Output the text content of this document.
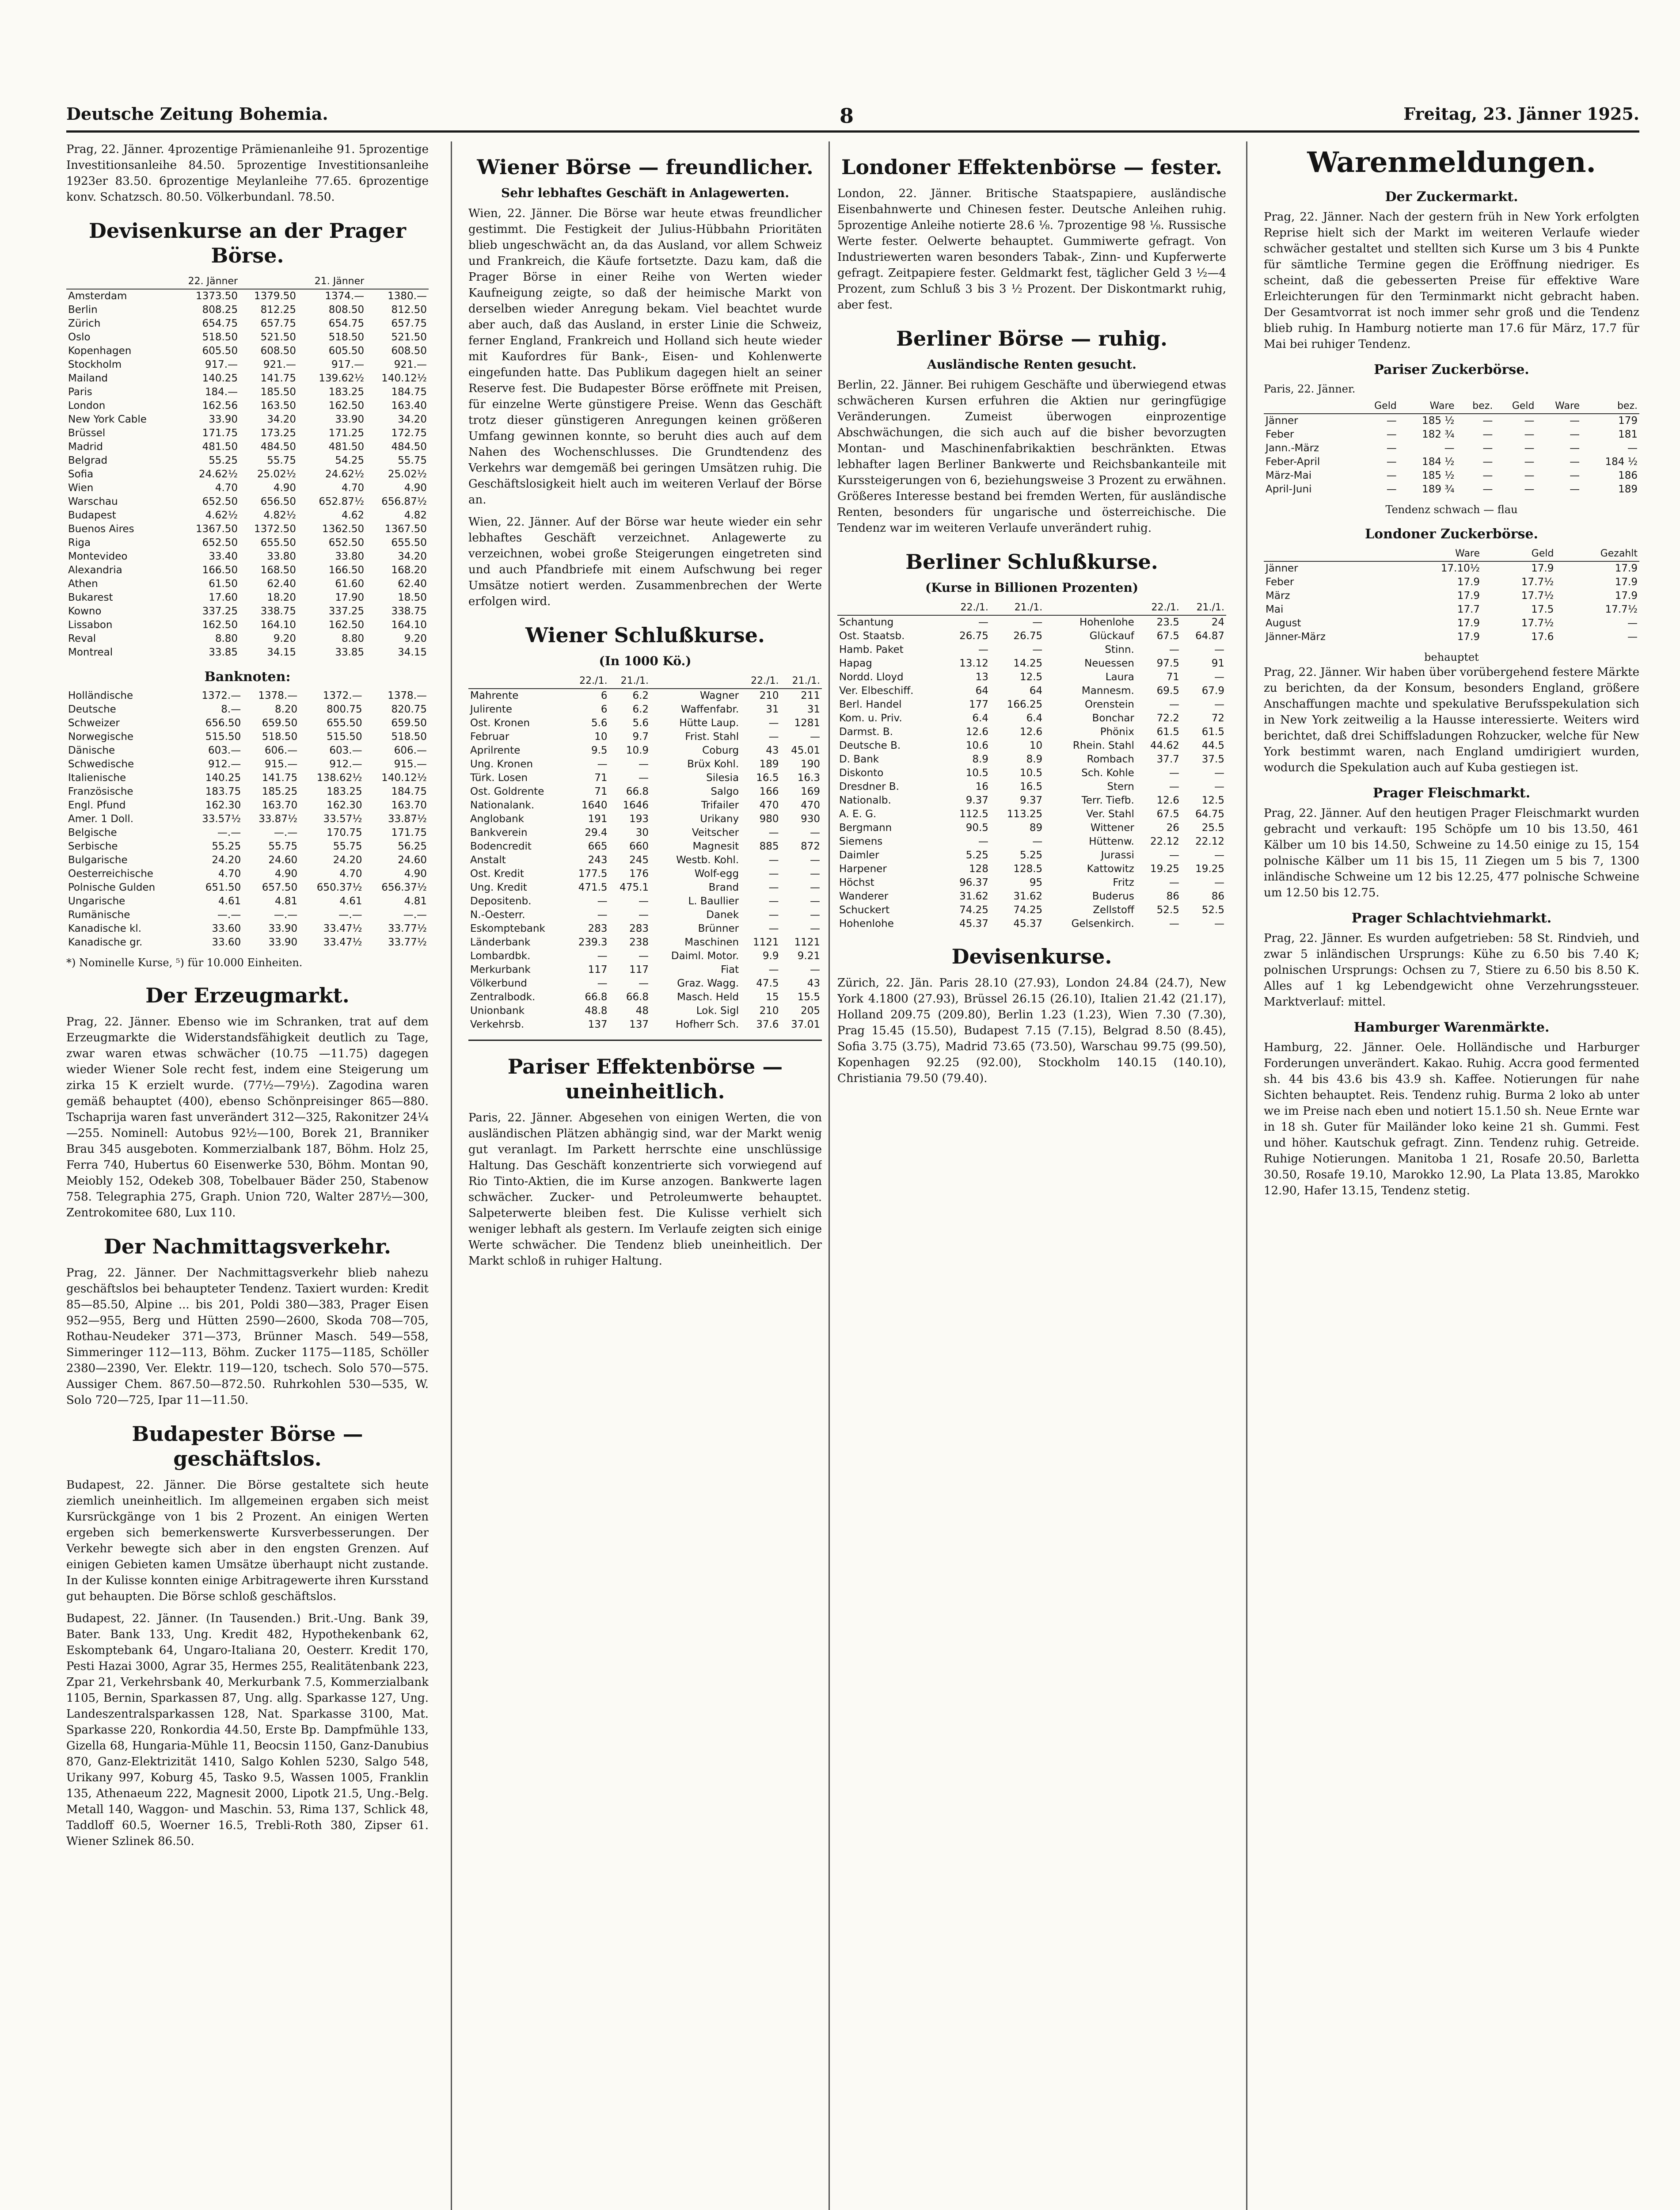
Deutsche Zeitung Bohemia.	8	Freitag, 23. Jänner 1925.

Prag, 22. Jänner. 4prozentige Prämienanleihe 91. 5prozentige Investitionsanleihe 84.50. 5prozentige Investitionsanleihe 1923er 83.50. 6prozentige Meylanleihe 77.65. 6prozentige konv. Schatzsch. 80.50. Völkerbundanl. 78.50.

Devisenkurse an der Prager Börse.
	22. Jänner		21. Jänner	
Amsterdam	1373.50	1379.50	1374.—	1380.—
Berlin	808.25	812.25	808.50	812.50
Zürich	654.75	657.75	654.75	657.75
Oslo	518.50	521.50	518.50	521.50
Kopenhagen	605.50	608.50	605.50	608.50
Stockholm	917.—	921.—	917.—	921.—
Mailand	140.25	141.75	139.62½	140.12½
Paris	184.—	185.50	183.25	184.75
London	162.56	163.50	162.50	163.40
New York Cable	33.90	34.20	33.90	34.20
Brüssel	171.75	173.25	171.25	172.75
Madrid	481.50	484.50	481.50	484.50
Belgrad	55.25	55.75	54.25	55.75
Sofia	24.62½	25.02½	24.62½	25.02½
Wien	4.70	4.90	4.70	4.90
Warschau	652.50	656.50	652.87½	656.87½
Budapest	4.62½	4.82½	4.62	4.82
Buenos Aires	1367.50	1372.50	1362.50	1367.50
Riga	652.50	655.50	652.50	655.50
Montevideo	33.40	33.80	33.80	34.20
Alexandria	166.50	168.50	166.50	168.20
Athen	61.50	62.40	61.60	62.40
Bukarest	17.60	18.20	17.90	18.50
Kowno	337.25	338.75	337.25	338.75
Lissabon	162.50	164.10	162.50	164.10
Reval	8.80	9.20	8.80	9.20
Montreal	33.85	34.15	33.85	34.15
Banknoten:
Holländische	1372.—	1378.—	1372.—	1378.—
Deutsche	8.—	8.20	800.75	820.75
Schweizer	656.50	659.50	655.50	659.50
Norwegische	515.50	518.50	515.50	518.50
Dänische	603.—	606.—	603.—	606.—
Schwedische	912.—	915.—	912.—	915.—
Italienische	140.25	141.75	138.62½	140.12½
Französische	183.75	185.25	183.25	184.75
Engl. Pfund	162.30	163.70	162.30	163.70
Amer. 1 Doll.	33.57½	33.87½	33.57½	33.87½
Belgische	—.—	—.—	170.75	171.75
Serbische	55.25	55.75	55.75	56.25
Bulgarische	24.20	24.60	24.20	24.60
Oesterreichische	4.70	4.90	4.70	4.90
Polnische Gulden	651.50	657.50	650.37½	656.37½
Ungarische	4.61	4.81	4.61	4.81
Rumänische	—.—	—.—	—.—	—.—
Kanadische kl.	33.60	33.90	33.47½	33.77½
Kanadische gr.	33.60	33.90	33.47½	33.77½
*) Nominelle Kurse, ⁵) für 10.000 Einheiten.
Der Erzeugmarkt.

Prag, 22. Jänner. Ebenso wie im Schranken, trat auf dem Erzeugmarkte die Widerstandsfähigkeit deutlich zu Tage, zwar waren etwas schwächer (10.75 —11.75) dagegen wieder Wiener Sole recht fest, indem eine Steigerung um zirka 15 K erzielt wurde. (77½—79½). Zagodina waren gemäß behauptet (400), ebenso Schönpreisinger 865—880. Tschaprija waren fast unverändert 312—325, Rakonitzer 24¼—255. Nominell: Autobus 92½—100, Borek 21, Branniker Brau 345 ausgeboten. Kommerzialbank 187, Böhm. Holz 25, Ferra 740, Hubertus 60 Eisenwerke 530, Böhm. Montan 90, Meiobly 152, Odekeb 308, Tobelbauer Bäder 250, Stabenow 758. Telegraphia 275, Graph. Union 720, Walter 287½—300, Zentrokomitee 680, Lux 110.

Der Nachmittagsverkehr.

Prag, 22. Jänner. Der Nachmittagsverkehr blieb nahezu geschäftslos bei behaupteter Tendenz. Taxiert wurden: Kredit 85—85.50, Alpine ... bis 201, Poldi 380—383, Prager Eisen 952—955, Berg und Hütten 2590—2600, Skoda 708—705, Rothau-Neudeker 371—373, Brünner Masch. 549—558, Simmeringer 112—113, Böhm. Zucker 1175—1185, Schöller 2380—2390, Ver. Elektr. 119—120, tschech. Solo 570—575. Aussiger Chem. 867.50—872.50. Ruhrkohlen 530—535, W. Solo 720—725, Ipar 11—11.50.

Budapester Börse — geschäftslos.

Budapest, 22. Jänner. Die Börse gestaltete sich heute ziemlich uneinheitlich. Im allgemeinen ergaben sich meist Kursrückgänge von 1 bis 2 Prozent. An einigen Werten ergeben sich bemerkenswerte Kursverbesserungen. Der Verkehr bewegte sich aber in den engsten Grenzen. Auf einigen Gebieten kamen Umsätze überhaupt nicht zustande. In der Kulisse konnten einige Arbitragewerte ihren Kursstand gut behaupten. Die Börse schloß geschäftslos.

Budapest, 22. Jänner. (In Tausenden.) Brit.-Ung. Bank 39, Bater. Bank 133, Ung. Kredit 482, Hypothekenbank 62, Eskomptebank 64, Ungaro-Italiana 20, Oesterr. Kredit 170, Pesti Hazai 3000, Agrar 35, Hermes 255, Realitätenbank 223, Zpar 21, Verkehrsbank 40, Merkurbank 7.5, Kommerzialbank 1105, Bernin, Sparkassen 87, Ung. allg. Sparkasse 127, Ung. Landeszentralsparkassen 128, Nat. Sparkasse 3100, Mat. Sparkasse 220, Ronkordia 44.50, Erste Bp. Dampfmühle 133, Gizella 68, Hungaria-Mühle 11, Beocsin 1150, Ganz-Danubius 870, Ganz-Elektrizität 1410, Salgo Kohlen 5230, Salgo 548, Urikany 997, Koburg 45, Tasko 9.5, Wassen 1005, Franklin 135, Athenaeum 222, Magnesit 2000, Lipotk 21.5, Ung.-Belg. Metall 140, Waggon- und Maschin. 53, Rima 137, Schlick 48, Taddloff 60.5, Woerner 16.5, Trebli-Roth 380, Zipser 61. Wiener Szlinek 86.50.

Wiener Börse — freundlicher.
Sehr lebhaftes Geschäft in Anlagewerten.

Wien, 22. Jänner. Die Börse war heute etwas freundlicher gestimmt. Die Festigkeit der Julius-Hübbahn Prioritäten blieb ungeschwächt an, da das Ausland, vor allem Schweiz und Frankreich, die Käufe fortsetzte. Dazu kam, daß die Prager Börse in einer Reihe von Werten wieder Kaufneigung zeigte, so daß der heimische Markt von derselben wieder Anregung bekam. Viel beachtet wurde aber auch, daß das Ausland, in erster Linie die Schweiz, ferner England, Frankreich und Holland sich heute wieder mit Kaufordres für Bank-, Eisen- und Kohlenwerte eingefunden hatte. Das Publikum dagegen hielt an seiner Reserve fest. Die Budapester Börse eröffnete mit Preisen, für einzelne Werte günstigere Preise. Wenn das Geschäft trotz dieser günstigeren Anregungen keinen größeren Umfang gewinnen konnte, so beruht dies auch auf dem Nahen des Wochenschlusses. Die Grundtendenz des Verkehrs war demgemäß bei geringen Umsätzen ruhig. Die Geschäftslosigkeit hielt auch im weiteren Verlauf der Börse an.

Wien, 22. Jänner. Auf der Börse war heute wieder ein sehr lebhaftes Geschäft verzeichnet. Anlagewerte zu verzeichnen, wobei große Steigerungen eingetreten sind und auch Pfandbriefe mit einem Aufschwung bei reger Umsätze notiert werden. Zusammenbrechen der Werte erfolgen wird.

Wiener Schlußkurse.
(In 1000 Kö.)
	22./1.	21./1.		22./1.	21./1.
Mahrente	6	6.2	Wagner	210	211
Julirente	6	6.2	Waffenfabr.	31	31
Ost. Kronen	5.6	5.6	Hütte Laup.	—	1281
Februar	10	9.7	Frist. Stahl	—	—
Aprilrente	9.5	10.9	Coburg	43	45.01
Ung. Kronen	—	—	Brüx Kohl.	189	190
Türk. Losen	71	—	Silesia	16.5	16.3
Ost. Goldrente	71	66.8	Salgo	166	169
Nationalank.	1640	1646	Trifailer	470	470
Anglobank	191	193	Urikany	980	930
Bankverein	29.4	30	Veitscher	—	—
Bodencredit	665	660	Magnesit	885	872
Anstalt	243	245	Westb. Kohl.	—	—
Ost. Kredit	177.5	176	Wolf-egg	—	—
Ung. Kredit	471.5	475.1	Brand	—	—
Depositenb.	—	—	L. Baullier	—	—
N.-Oesterr.	—	—	Danek	—	—
Eskomptebank	283	283	Brünner	—	—
Länderbank	239.3	238	Maschinen	1121	1121
Lombardbk.	—	—	Daiml. Motor.	9.9	9.21
Merkurbank	117	117	Fiat	—	—
Völkerbund	—	—	Graz. Wagg.	47.5	43
Zentralbodk.	66.8	66.8	Masch. Held	15	15.5
Unionbank	48.8	48	Lok. Sigl	210	205
Verkehrsb.	137	137	Hofherr Sch.	37.6	37.01
Pariser Effektenbörse — uneinheitlich.

Paris, 22. Jänner. Abgesehen von einigen Werten, die von ausländischen Plätzen abhängig sind, war der Markt wenig gut veranlagt. Im Parkett herrschte eine unschlüssige Haltung. Das Geschäft konzentrierte sich vorwiegend auf Rio Tinto-Aktien, die im Kurse anzogen. Bankwerte lagen schwächer. Zucker- und Petroleumwerte behauptet. Salpeterwerte bleiben fest. Die Kulisse verhielt sich weniger lebhaft als gestern. Im Verlaufe zeigten sich einige Werte schwächer. Die Tendenz blieb uneinheitlich. Der Markt schloß in ruhiger Haltung.

Londoner Effektenbörse — fester.

London, 22. Jänner. Britische Staatspapiere, ausländische Eisenbahnwerte und Chinesen fester. Deutsche Anleihen ruhig. 5prozentige Anleihe notierte 28.6 ⅛. 7prozentige 98 ⅛. Russische Werte fester. Oelwerte behauptet. Gummiwerte gefragt. Von Industriewerten waren besonders Tabak-, Zinn- und Kupferwerte gefragt. Zeitpapiere fester. Geldmarkt fest, täglicher Geld 3 ½—4 Prozent, zum Schluß 3 bis 3 ½ Prozent. Der Diskontmarkt ruhig, aber fest.

Berliner Börse — ruhig.
Ausländische Renten gesucht.

Berlin, 22. Jänner. Bei ruhigem Geschäfte und überwiegend etwas schwächeren Kursen erfuhren die Aktien nur geringfügige Veränderungen. Zumeist überwogen einprozentige Abschwächungen, die sich auch auf die bisher bevorzugten Montan- und Maschinenfabrikaktien beschränkten. Etwas lebhafter lagen Berliner Bankwerte und Reichsbankanteile mit Kurssteigerungen von 6, beziehungsweise 3 Prozent zu erwähnen. Größeres Interesse bestand bei fremden Werten, für ausländische Renten, besonders für ungarische und österreichische. Die Tendenz war im weiteren Verlaufe unverändert ruhig.

Berliner Schlußkurse.
(Kurse in Billionen Prozenten)
	22./1.	21./1.		22./1.	21./1.
Schantung	—	—	Hohenlohe	23.5	24
Ost. Staatsb.	26.75	26.75	Glückauf	67.5	64.87
Hamb. Paket	—	—	Stinn.	—	—
Hapag	13.12	14.25	Neuessen	97.5	91
Nordd. Lloyd	13	12.5	Laura	71	—
Ver. Elbeschiff.	64	64	Mannesm.	69.5	67.9
Berl. Handel	177	166.25	Orenstein	—	—
Kom. u. Priv.	6.4	6.4	Bonchar	72.2	72
Darmst. B.	12.6	12.6	Phönix	61.5	61.5
Deutsche B.	10.6	10	Rhein. Stahl	44.62	44.5
D. Bank	8.9	8.9	Rombach	37.7	37.5
Diskonto	10.5	10.5	Sch. Kohle	—	—
Dresdner B.	16	16.5	Stern	—	—
Nationalb.	9.37	9.37	Terr. Tiefb.	12.6	12.5
A. E. G.	112.5	113.25	Ver. Stahl	67.5	64.75
Bergmann	90.5	89	Wittener	26	25.5
Siemens	—	—	Hüttenw.	22.12	22.12
Daimler	5.25	5.25	Jurassi	—	—
Harpener	128	128.5	Kattowitz	19.25	19.25
Höchst	96.37	95	Fritz	—	—
Wanderer	31.62	31.62	Buderus	86	86
Schuckert	74.25	74.25	Zellstoff	52.5	52.5
Hohenlohe	45.37	45.37	Gelsenkirch.	—	—
Devisenkurse.

Zürich, 22. Jän. Paris 28.10 (27.93), London 24.84 (24.7), New York 4.1800 (27.93), Brüssel 26.15 (26.10), Italien 21.42 (21.17), Holland 209.75 (209.80), Berlin 1.23 (1.23), Wien 7.30 (7.30), Prag 15.45 (15.50), Budapest 7.15 (7.15), Belgrad 8.50 (8.45), Sofia 3.75 (3.75), Madrid 73.65 (73.50), Warschau 99.75 (99.50), Kopenhagen 92.25 (92.00), Stockholm 140.15 (140.10), Christiania 79.50 (79.40).

Warenmeldungen.
Der Zuckermarkt.

Prag, 22. Jänner. Nach der gestern früh in New York erfolgten Reprise hielt sich der Markt im weiteren Verlaufe wieder schwächer gestaltet und stellten sich Kurse um 3 bis 4 Punkte für sämtliche Termine gegen die Eröffnung niedriger. Es scheint, daß die gebesserten Preise für effektive Ware Erleichterungen für den Terminmarkt nicht gebracht haben. Der Gesamtvorrat ist noch immer sehr groß und die Tendenz blieb ruhig. In Hamburg notierte man 17.6 für März, 17.7 für Mai bei ruhiger Tendenz.

Pariser Zuckerbörse.
Paris, 22. Jänner.
	Geld	Ware	bez.	Geld	Ware	bez.
Jänner	—	185 ½	—	—	—	179
Feber	—	182 ¾	—	—	—	181
Jann.-März	—	—	—	—	—	—
Feber-April	—	184 ½	—	—	—	184 ½
März-Mai	—	185 ½	—	—	—	186
April-Juni	—	189 ¾	—	—	—	189
Tendenz schwach — flau
Londoner Zuckerbörse.
	Ware	Geld	Gezahlt
Jänner	17.10½	17.9	17.9
Feber	17.9	17.7½	17.9
März	17.9	17.7½	17.9
Mai	17.7	17.5	17.7½
August	17.9	17.7½	—
Jänner-März	17.9	17.6	—
behauptet

Prag, 22. Jänner. Wir haben über vorübergehend festere Märkte zu berichten, da der Konsum, besonders England, größere Anschaffungen machte und spekulative Berufsspekulation sich in New York zeitweilig a la Hausse interessierte. Weiters wird berichtet, daß drei Schiffsladungen Rohzucker, welche für New York bestimmt waren, nach England umdirigiert wurden, wodurch die Spekulation auch auf Kuba gestiegen ist.

Prager Fleischmarkt.

Prag, 22. Jänner. Auf den heutigen Prager Fleischmarkt wurden gebracht und verkauft: 195 Schöpfe um 10 bis 13.50, 461 Kälber um 10 bis 14.50, Schweine zu 14.50 einige zu 15, 154 polnische Kälber um 11 bis 15, 11 Ziegen um 5 bis 7, 1300 inländische Schweine um 12 bis 12.25, 477 polnische Schweine um 12.50 bis 12.75.

Prager Schlachtviehmarkt.

Prag, 22. Jänner. Es wurden aufgetrieben: 58 St. Rindvieh, und zwar 5 inländischen Ursprungs: Kühe zu 6.50 bis 7.40 K; polnischen Ursprungs: Ochsen zu 7, Stiere zu 6.50 bis 8.50 K. Alles auf 1 kg Lebendgewicht ohne Verzehrungssteuer. Marktverlauf: mittel.

Hamburger Warenmärkte.

Hamburg, 22. Jänner. Oele. Holländische und Harburger Forderungen unverändert. Kakao. Ruhig. Accra good fermented sh. 44 bis 43.6 bis 43.9 sh. Kaffee. Notierungen für nahe Sichten behauptet. Reis. Tendenz ruhig. Burma 2 loko ab unter we im Preise nach eben und notiert 15.1.50 sh. Neue Ernte war in 18 sh. Guter für Mailänder loko keine 21 sh. Gummi. Fest und höher. Kautschuk gefragt. Zinn. Tendenz ruhig. Getreide. Ruhige Notierungen. Manitoba 1 21, Rosafe 20.50, Barletta 30.50, Rosafe 19.10, Marokko 12.90, La Plata 13.85, Marokko 12.90, Hafer 13.15, Tendenz stetig.
